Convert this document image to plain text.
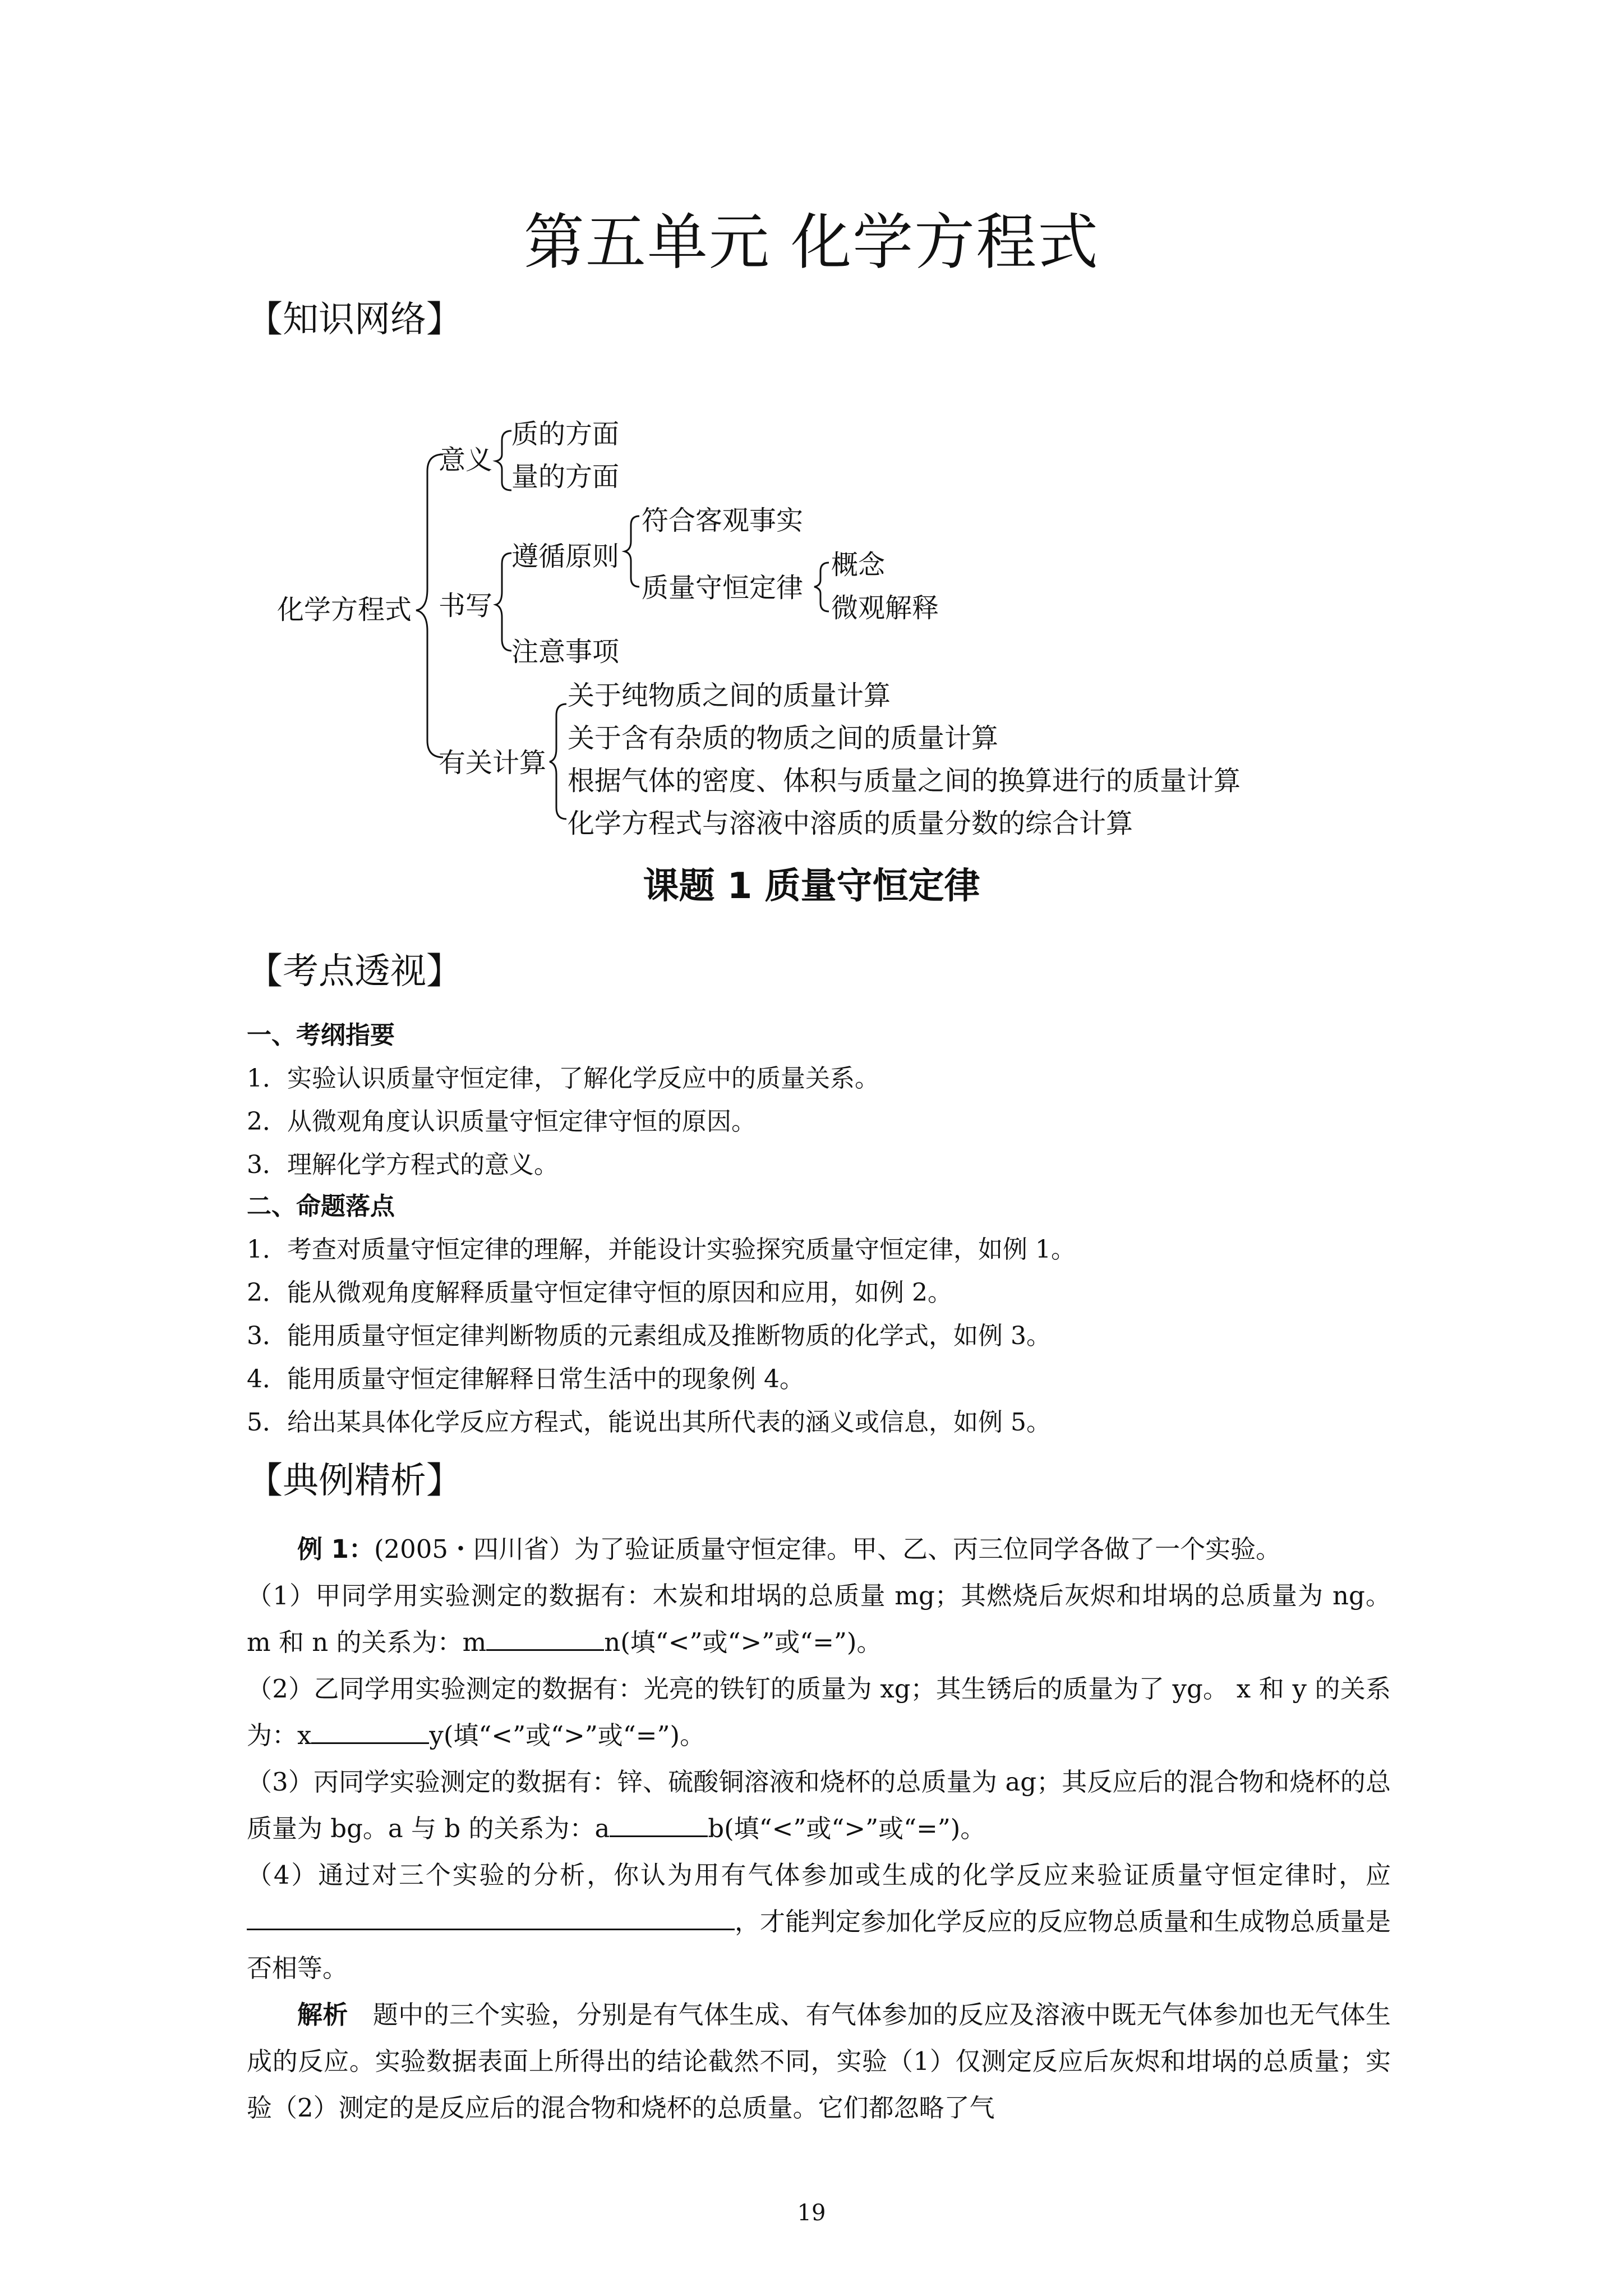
第五单元 化学方程式
【知识网络】
化学方程式
意义
质的方面
量的方面
书写
遵循原则
符合客观事实
质量守恒定律
概念
微观解释
注意事项
有关计算
关于纯物质之间的质量计算
关于含有杂质的物质之间的质量计算
根据气体的密度、体积与质量之间的换算进行的质量计算
化学方程式与溶液中溶质的质量分数的综合计算
课题 1 质量守恒定律
【考点透视】
一、考纲指要
1．实验认识质量守恒定律，了解化学反应中的质量关系。
2．从微观角度认识质量守恒定律守恒的原因。
3．理解化学方程式的意义。
二、命题落点
1．考查对质量守恒定律的理解，并能设计实验探究质量守恒定律，如例 1。
2．能从微观角度解释质量守恒定律守恒的原因和应用，如例 2。
3．能用质量守恒定律判断物质的元素组成及推断物质的化学式，如例 3。
4．能用质量守恒定律解释日常生活中的现象例 4。
5．给出某具体化学反应方程式，能说出其所代表的涵义或信息，如例 5。
【典例精析】
例 1：(2005・四川省）为了验证质量守恒定律。甲、乙、丙三位同学各做了一个实验。
（1）甲同学用实验测定的数据有：木炭和坩埚的总质量 mg；其燃烧后灰烬和坩埚的总质量为 ng。 m 和 n 的关系为：m	n(填“<”或“>”或“=”)。
（2）乙同学用实验测定的数据有：光亮的铁钉的质量为 xg；其生锈后的质量为了 yg。 x 和 y 的关系为：x	y(填“<”或“>”或“=”)。
（3）丙同学实验测定的数据有：锌、硫酸铜溶液和烧杯的总质量为 ag；其反应后的混合物和烧杯的总质量为 bg。a 与 b 的关系为：a	b(填“<”或“>”或“=”)。
（4）通过对三个实验的分析，你认为用有气体参加或生成的化学反应来验证质量守恒定律时，应，才能判定参加化学反应的反应物总质量和生成物总质量是否相等。
解析 题中的三个实验，分别是有气体生成、有气体参加的反应及溶液中既无气体参加也无气体生成的反应。实验数据表面上所得出的结论截然不同，实验（1）仅测定反应后灰烬和坩埚的总质量；实验（2）测定的是反应后的混合物和烧杯的总质量。它们都忽略了气
19
